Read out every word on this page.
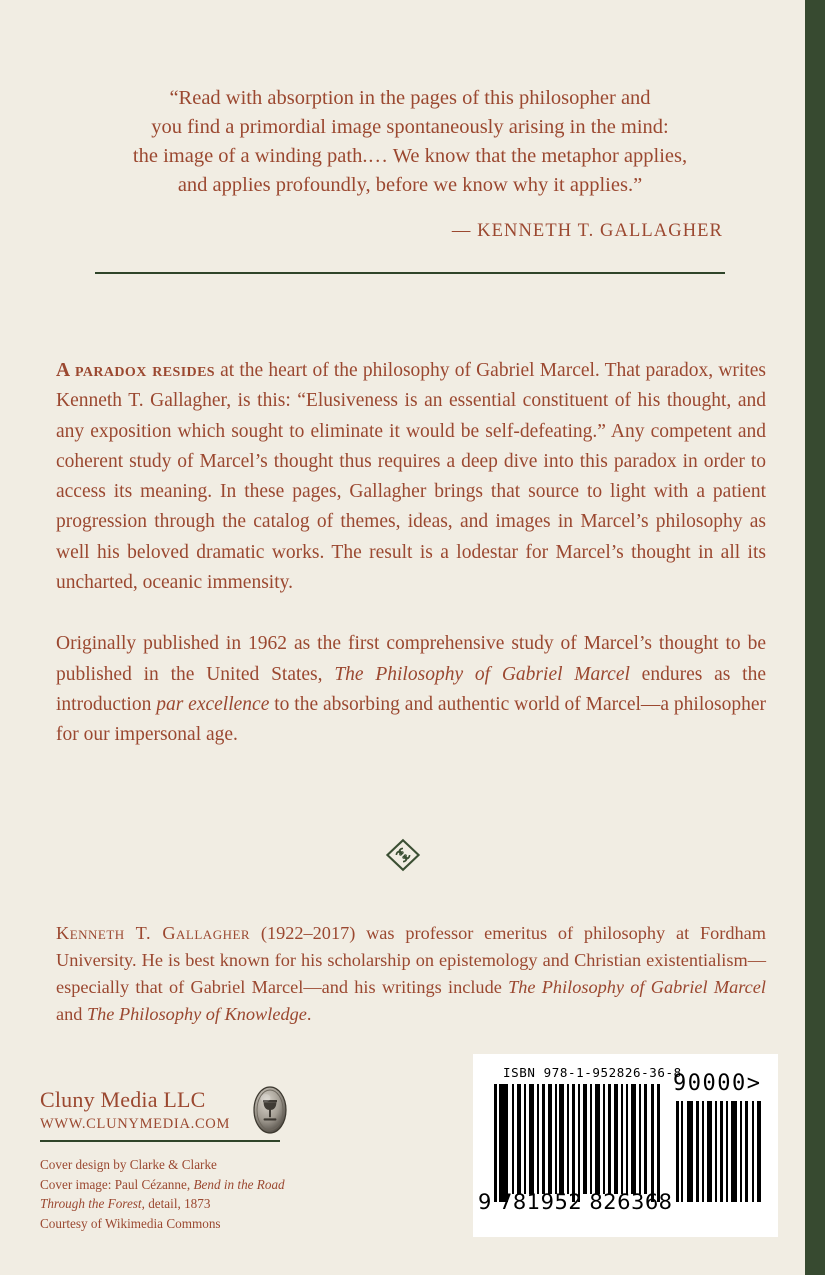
“Read with absorption in the pages of this philosopher and
you find a primordial image spontaneously arising in the mind:
the image of a winding path.… We know that the metaphor applies,
and applies profoundly, before we know why it applies.”
— KENNETH T. GALLAGHER

A paradox resides at the heart of the philosophy of Gabriel Marcel. That paradox, writes Kenneth T. Gallagher, is this: “Elusiveness is an essential constituent of his thought, and any exposition which sought to eliminate it would be self-defeating.” Any competent and coherent study of Marcel’s thought thus requires a deep dive into this paradox in order to access its meaning. In these pages, Gallagher brings that source to light with a patient progression through the catalog of themes, ideas, and images in Marcel’s philosophy as well his beloved dramatic works. The result is a lodestar for Marcel’s thought in all its uncharted, oceanic immensity.

Originally published in 1962 as the first comprehensive study of Marcel’s thought to be published in the United States, The Philosophy of Gabriel Marcel endures as the introduction par excellence to the absorbing and authentic world of Marcel—a philosopher for our impersonal age.

Kenneth T. Gallagher (1922–2017) was professor emeritus of philosophy at Fordham University. He is best known for his scholarship on epistemology and Christian existentialism—especially that of Gabriel Marcel—and his writings include The Philosophy of Gabriel Marcel and The Philosophy of Knowledge.

Cluny Media LLC
WWW.CLUNYMEDIA.COM
Cover design by Clarke & Clarke
Cover image: Paul Cézanne, Bend in the Road
Through the Forest, detail, 1873
Courtesy of Wikimedia Commons
ISBN 978-1-952826-36-8
90000>
9 781952 826368
